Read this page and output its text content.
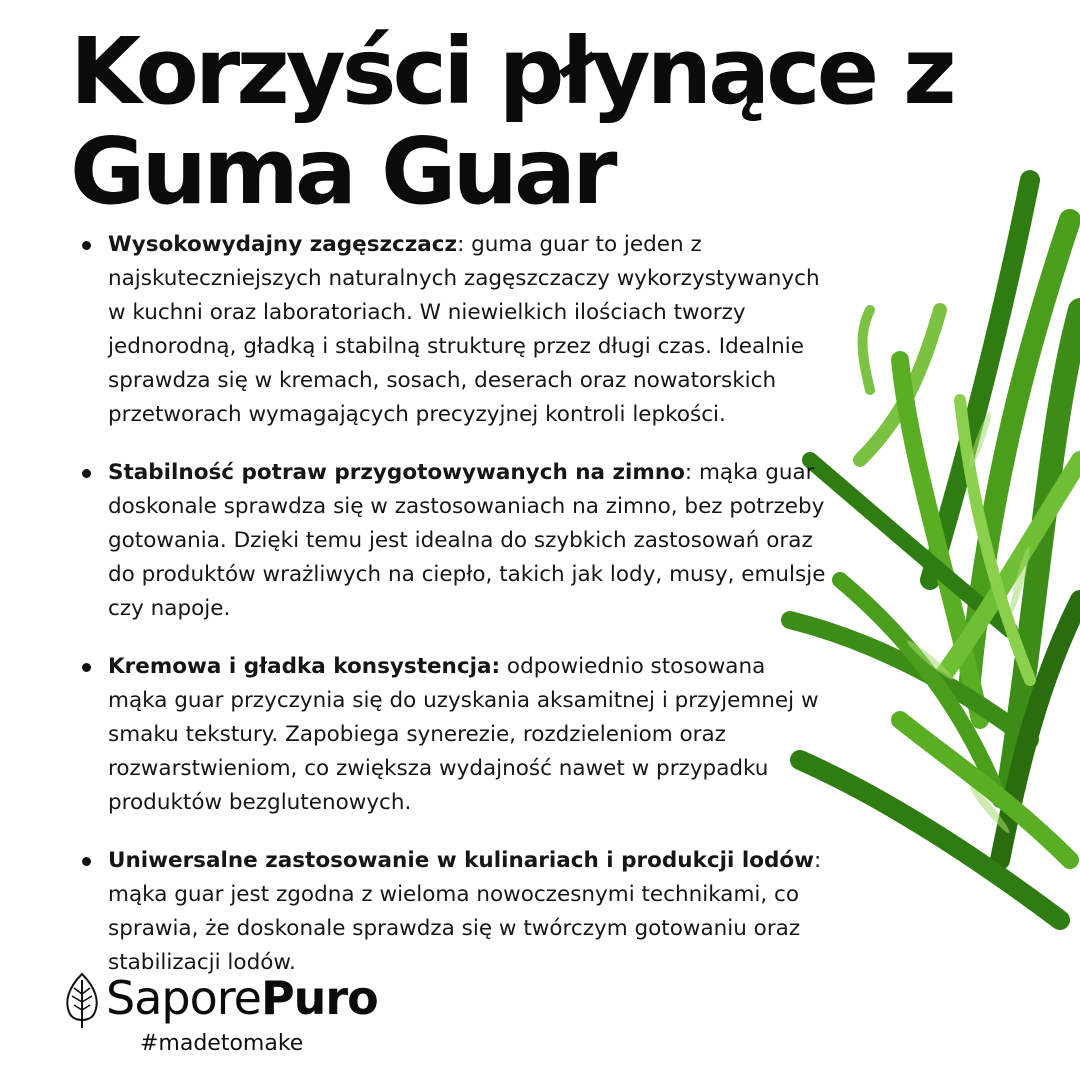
Korzyści płynące z
Guma Guar
Wysokowydajny zagęszczacz: guma guar to jeden z najskuteczniejszych naturalnych zagęszczaczy wykorzystywanych w kuchni oraz laboratoriach. W niewielkich ilościach tworzy jednorodną, gładką i stabilną strukturę przez długi czas. Idealnie sprawdza się w kremach, sosach, deserach oraz nowatorskich przetworach wymagających precyzyjnej kontroli lepkości.
Stabilność potraw przygotowywanych na zimno: mąka guar doskonale sprawdza się w zastosowaniach na zimno, bez potrzeby gotowania. Dzięki temu jest idealna do szybkich zastosowań oraz do produktów wrażliwych na ciepło, takich jak lody, musy, emulsje czy napoje.
Kremowa i gładka konsystencja: odpowiednio stosowana mąka guar przyczynia się do uzyskania aksamitnej i przyjemnej w smaku tekstury. Zapobiega synerezie, rozdzieleniom oraz rozwarstwieniom, co zwiększa wydajność nawet w przypadku produktów bezglutenowych.
Uniwersalne zastosowanie w kulinariach i produkcji lodów: mąka guar jest zgodna z wieloma nowoczesnymi technikami, co sprawia, że doskonale sprawdza się w twórczym gotowaniu oraz stabilizacji lodów.
SaporePuro
#madetomake
